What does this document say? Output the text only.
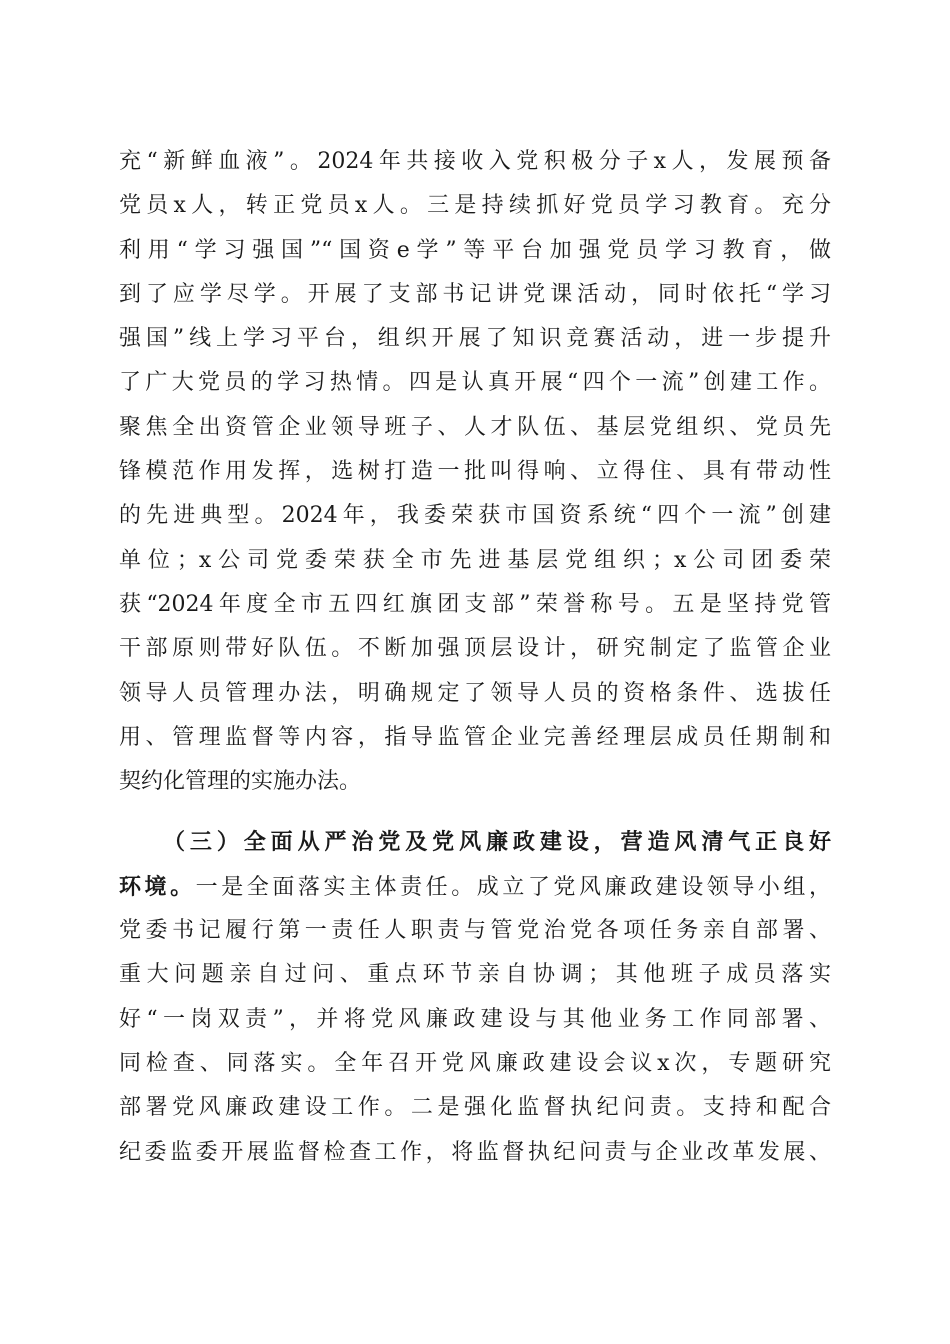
充“新鲜血液”。2024年共接收入党积极分子x人，发展预备
党员x人，转正党员x人。三是持续抓好党员学习教育。充分
利用“学习强国”“国资e学”等平台加强党员学习教育，做
到了应学尽学。开展了支部书记讲党课活动，同时依托“学习
强国”线上学习平台，组织开展了知识竞赛活动，进一步提升
了广大党员的学习热情。四是认真开展“四个一流”创建工作。
聚焦全出资管企业领导班子、人才队伍、基层党组织、党员先
锋模范作用发挥，选树打造一批叫得响、立得住、具有带动性
的先进典型。2024年，我委荣获市国资系统“四个一流”创建
单位；x公司党委荣获全市先进基层党组织；x公司团委荣
获“2024年度全市五四红旗团支部”荣誉称号。五是坚持党管
干部原则带好队伍。不断加强顶层设计，研究制定了监管企业
领导人员管理办法，明确规定了领导人员的资格条件、选拔任
用、管理监督等内容，指导监管企业完善经理层成员任期制和
契约化管理的实施办法。
（三）全面从严治党及党风廉政建设，营造风清气正良好
环境。一是全面落实主体责任。成立了党风廉政建设领导小组，
党委书记履行第一责任人职责与管党治党各项任务亲自部署、
重大问题亲自过问、重点环节亲自协调；其他班子成员落实
好“一岗双责”，并将党风廉政建设与其他业务工作同部署、
同检查、同落实。全年召开党风廉政建设会议x次，专题研究
部署党风廉政建设工作。二是强化监督执纪问责。支持和配合
纪委监委开展监督检查工作，将监督执纪问责与企业改革发展、
